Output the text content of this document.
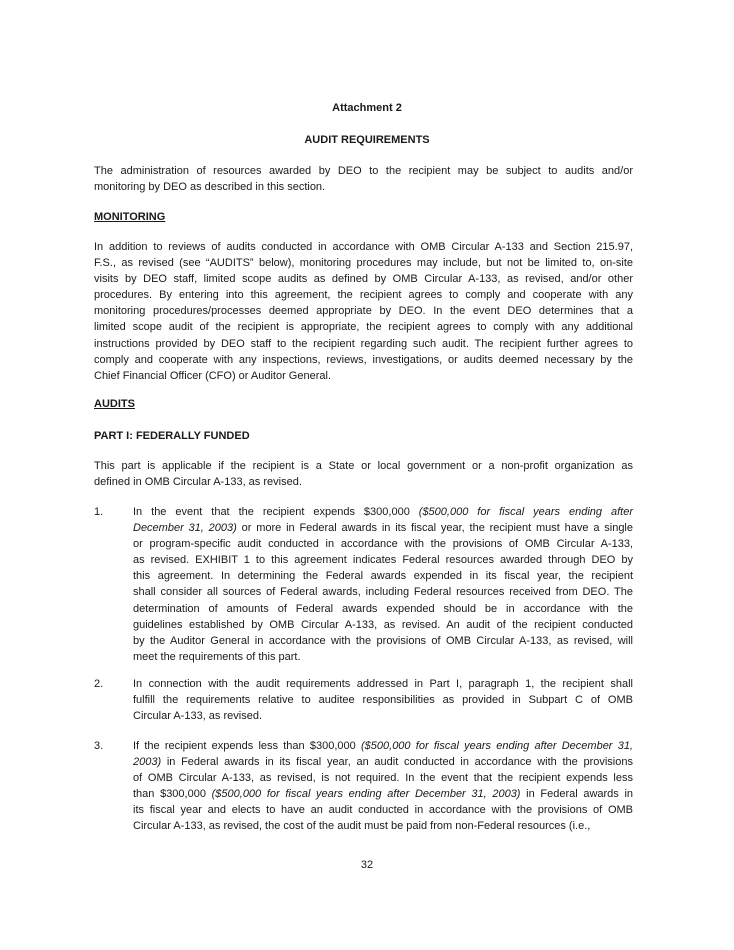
Attachment 2
AUDIT REQUIREMENTS
The administration of resources awarded by DEO to the recipient may be subject to audits and/or
monitoring by DEO as described in this section.
MONITORING
In addition to reviews of audits conducted in accordance with OMB Circular A-133 and Section 215.97,
F.S., as revised (see “AUDITS” below), monitoring procedures may include, but not be limited to, on-site
visits by DEO staff, limited scope audits as defined by OMB Circular A-133, as revised, and/or other
procedures. By entering into this agreement, the recipient agrees to comply and cooperate with any
monitoring procedures/processes deemed appropriate by DEO. In the event DEO determines that a
limited scope audit of the recipient is appropriate, the recipient agrees to comply with any additional
instructions provided by DEO staff to the recipient regarding such audit. The recipient further agrees to
comply and cooperate with any inspections, reviews, investigations, or audits deemed necessary by the
Chief Financial Officer (CFO) or Auditor General.
AUDITS
PART I: FEDERALLY FUNDED
This part is applicable if the recipient is a State or local government or a non-profit organization as
defined in OMB Circular A-133, as revised.
1.	In the event that the recipient expends $300,000 ($500,000 for fiscal years ending after
December 31, 2003) or more in Federal awards in its fiscal year, the recipient must have a single
or program-specific audit conducted in accordance with the provisions of OMB Circular A-133,
as revised. EXHIBIT 1 to this agreement indicates Federal resources awarded through DEO by
this agreement. In determining the Federal awards expended in its fiscal year, the recipient
shall consider all sources of Federal awards, including Federal resources received from DEO. The
determination of amounts of Federal awards expended should be in accordance with the
guidelines established by OMB Circular A-133, as revised. An audit of the recipient conducted
by the Auditor General in accordance with the provisions of OMB Circular A-133, as revised, will
meet the requirements of this part.
2.	In connection with the audit requirements addressed in Part I, paragraph 1, the recipient shall
fulfill the requirements relative to auditee responsibilities as provided in Subpart C of OMB
Circular A-133, as revised.
3.	If the recipient expends less than $300,000 ($500,000 for fiscal years ending after December 31,
2003) in Federal awards in its fiscal year, an audit conducted in accordance with the provisions
of OMB Circular A-133, as revised, is not required. In the event that the recipient expends less
than $300,000 ($500,000 for fiscal years ending after December 31, 2003) in Federal awards in
its fiscal year and elects to have an audit conducted in accordance with the provisions of OMB
Circular A-133, as revised, the cost of the audit must be paid from non-Federal resources (i.e.,
32
